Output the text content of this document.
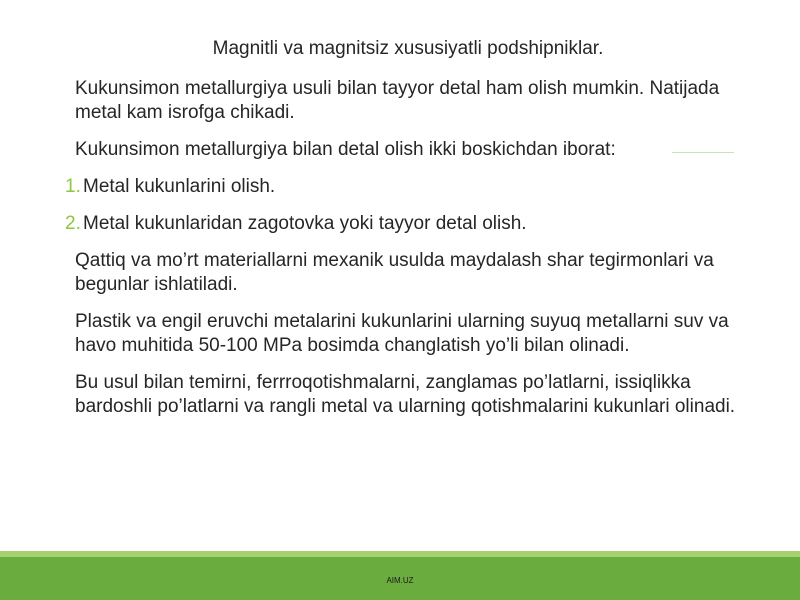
Magnitli va magnitsiz xususiyatli podshipniklar.

Kukunsimon metallurgiya usuli bilan tayyor detal ham olish mumkin. Natijada metal kam isrofga chikadi.

Kukunsimon metallurgiya bilan detal olish ikki boskichdan iborat:

1. Metal kukunlarini olish.
2. Metal kukunlaridan zagotovka yoki tayyor detal olish.

Qattiq va mo’rt materiallarni mexanik usulda maydalash shar tegirmonlari va begunlar ishlatiladi.

Plastik va engil eruvchi metalarini kukunlarini ularning suyuq metallarni suv va havo muhitida 50-100 MPa bosimda changlatish yo’li bilan olinadi.

Bu usul bilan temirni, ferrroqotishmalarni, zanglamas po’latlarni, issiqlikka bardoshli po’latlarni va rangli metal va ularning qotishmalarini kukunlari olinadi.

AIM.UZ
